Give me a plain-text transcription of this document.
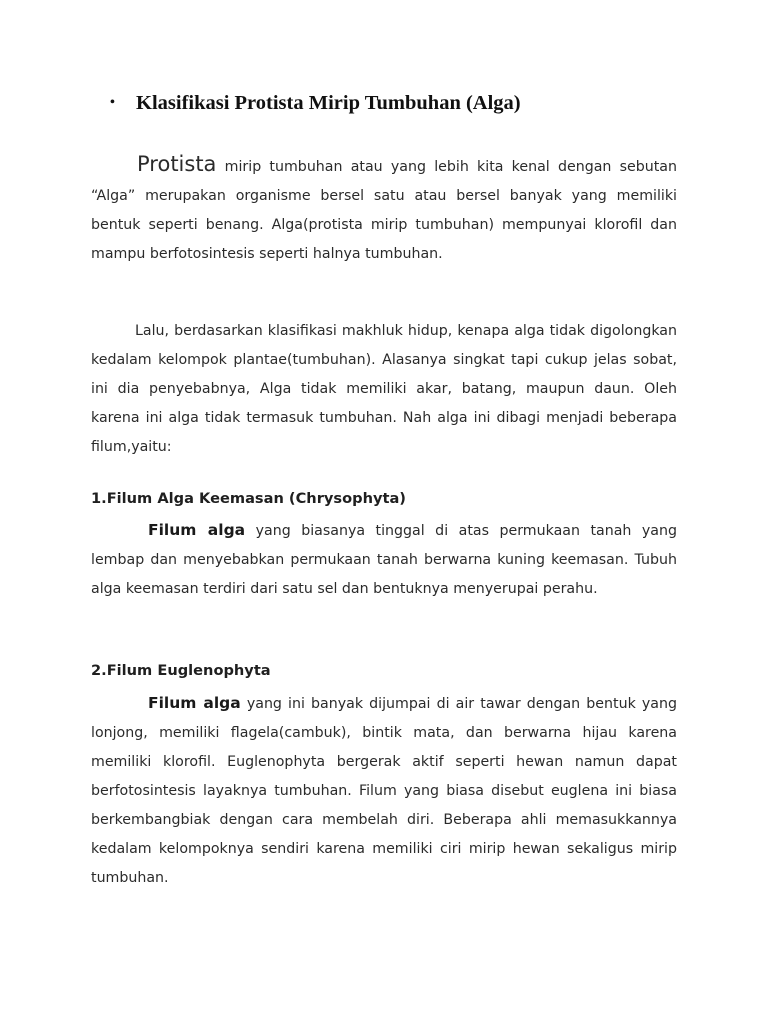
•	Klasifikasi Protista Mirip Tumbuhan (Alga)

Protista mirip tumbuhan atau yang lebih kita kenal dengan sebutan “Alga” merupakan organisme bersel satu atau bersel banyak yang memiliki bentuk seperti benang. Alga(protista mirip tumbuhan) mempunyai klorofil dan mampu berfotosintesis seperti halnya tumbuhan.

Lalu, berdasarkan klasifikasi makhluk hidup, kenapa alga tidak digolongkan kedalam kelompok plantae(tumbuhan). Alasanya singkat tapi cukup jelas sobat, ini dia penyebabnya, Alga tidak memiliki akar, batang, maupun daun. Oleh karena ini alga tidak termasuk tumbuhan. Nah alga ini dibagi menjadi beberapa filum,yaitu:

1.Filum Alga Keemasan (Chrysophyta)

Filum alga yang biasanya tinggal di atas permukaan tanah yang lembap dan menyebabkan permukaan tanah berwarna kuning keemasan. Tubuh alga keemasan terdiri dari satu sel dan bentuknya menyerupai perahu.

2.Filum Euglenophyta

Filum alga yang ini banyak dijumpai di air tawar dengan bentuk yang lonjong, memiliki flagela(cambuk), bintik mata, dan berwarna hijau karena memiliki klorofil. Euglenophyta bergerak aktif seperti hewan namun dapat berfotosintesis layaknya tumbuhan. Filum yang biasa disebut euglena ini biasa berkembangbiak dengan cara membelah diri. Beberapa ahli memasukkannya kedalam kelompoknya sendiri karena memiliki ciri mirip hewan sekaligus mirip tumbuhan.
